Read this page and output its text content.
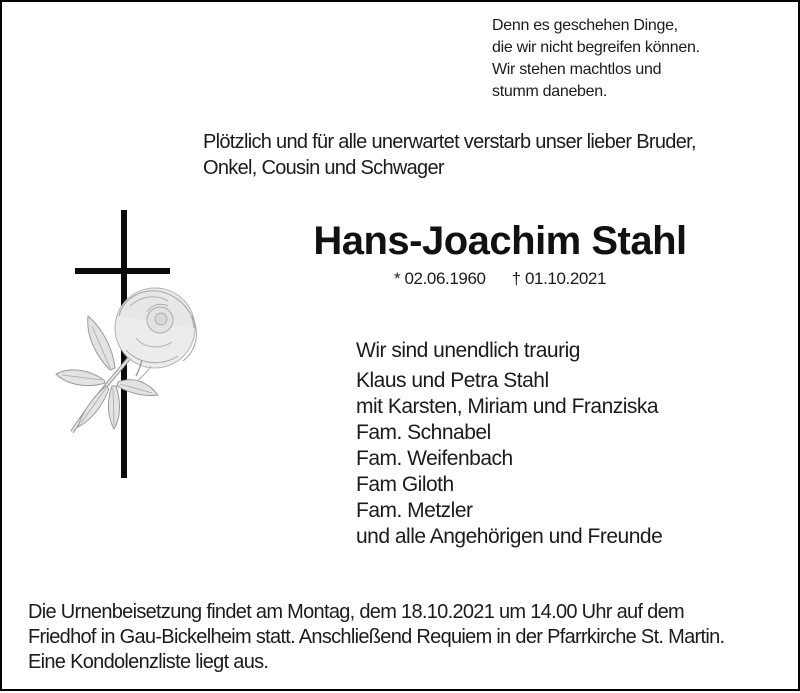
Denn es geschehen Dinge,
die wir nicht begreifen können.
Wir stehen machtlos und
stumm daneben.
Plötzlich und für alle unerwartet verstarb unser lieber Bruder,
Onkel, Cousin und Schwager
Hans-Joachim Stahl
* 02.06.1960 † 01.10.2021
Wir sind unendlich traurig
Klaus und Petra Stahl
mit Karsten, Miriam und Franziska
Fam. Schnabel
Fam. Weifenbach
Fam Giloth
Fam. Metzler
und alle Angehörigen und Freunde
Die Urnenbeisetzung findet am Montag, dem 18.10.2021 um 14.00 Uhr auf dem
Friedhof in Gau-Bickelheim statt. Anschließend Requiem in der Pfarrkirche St. Martin.
Eine Kondolenzliste liegt aus.
